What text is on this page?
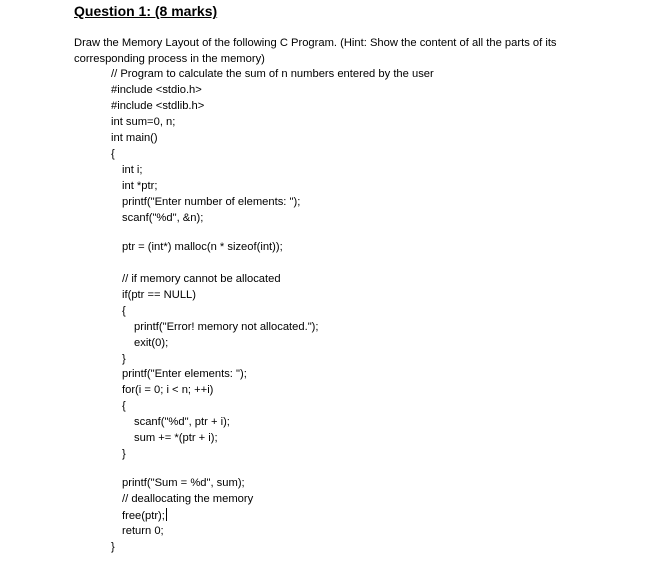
Question 1: (8 marks)
Draw the Memory Layout of the following C Program. (Hint: Show the content of all the parts of its
corresponding process in the memory)
// Program to calculate the sum of n numbers entered by the user
#include <stdio.h>
#include <stdlib.h>
int sum=0, n;
int main()
{
int i;
int *ptr;
printf("Enter number of elements: ");
scanf("%d", &n);
ptr = (int*) malloc(n * sizeof(int));
// if memory cannot be allocated
if(ptr == NULL)
{
printf("Error! memory not allocated.");
exit(0);
}
printf("Enter elements: ");
for(i = 0; i < n; ++i)
{
scanf("%d", ptr + i);
sum += *(ptr + i);
}
printf("Sum = %d", sum);
// deallocating the memory
free(ptr);
return 0;
}
